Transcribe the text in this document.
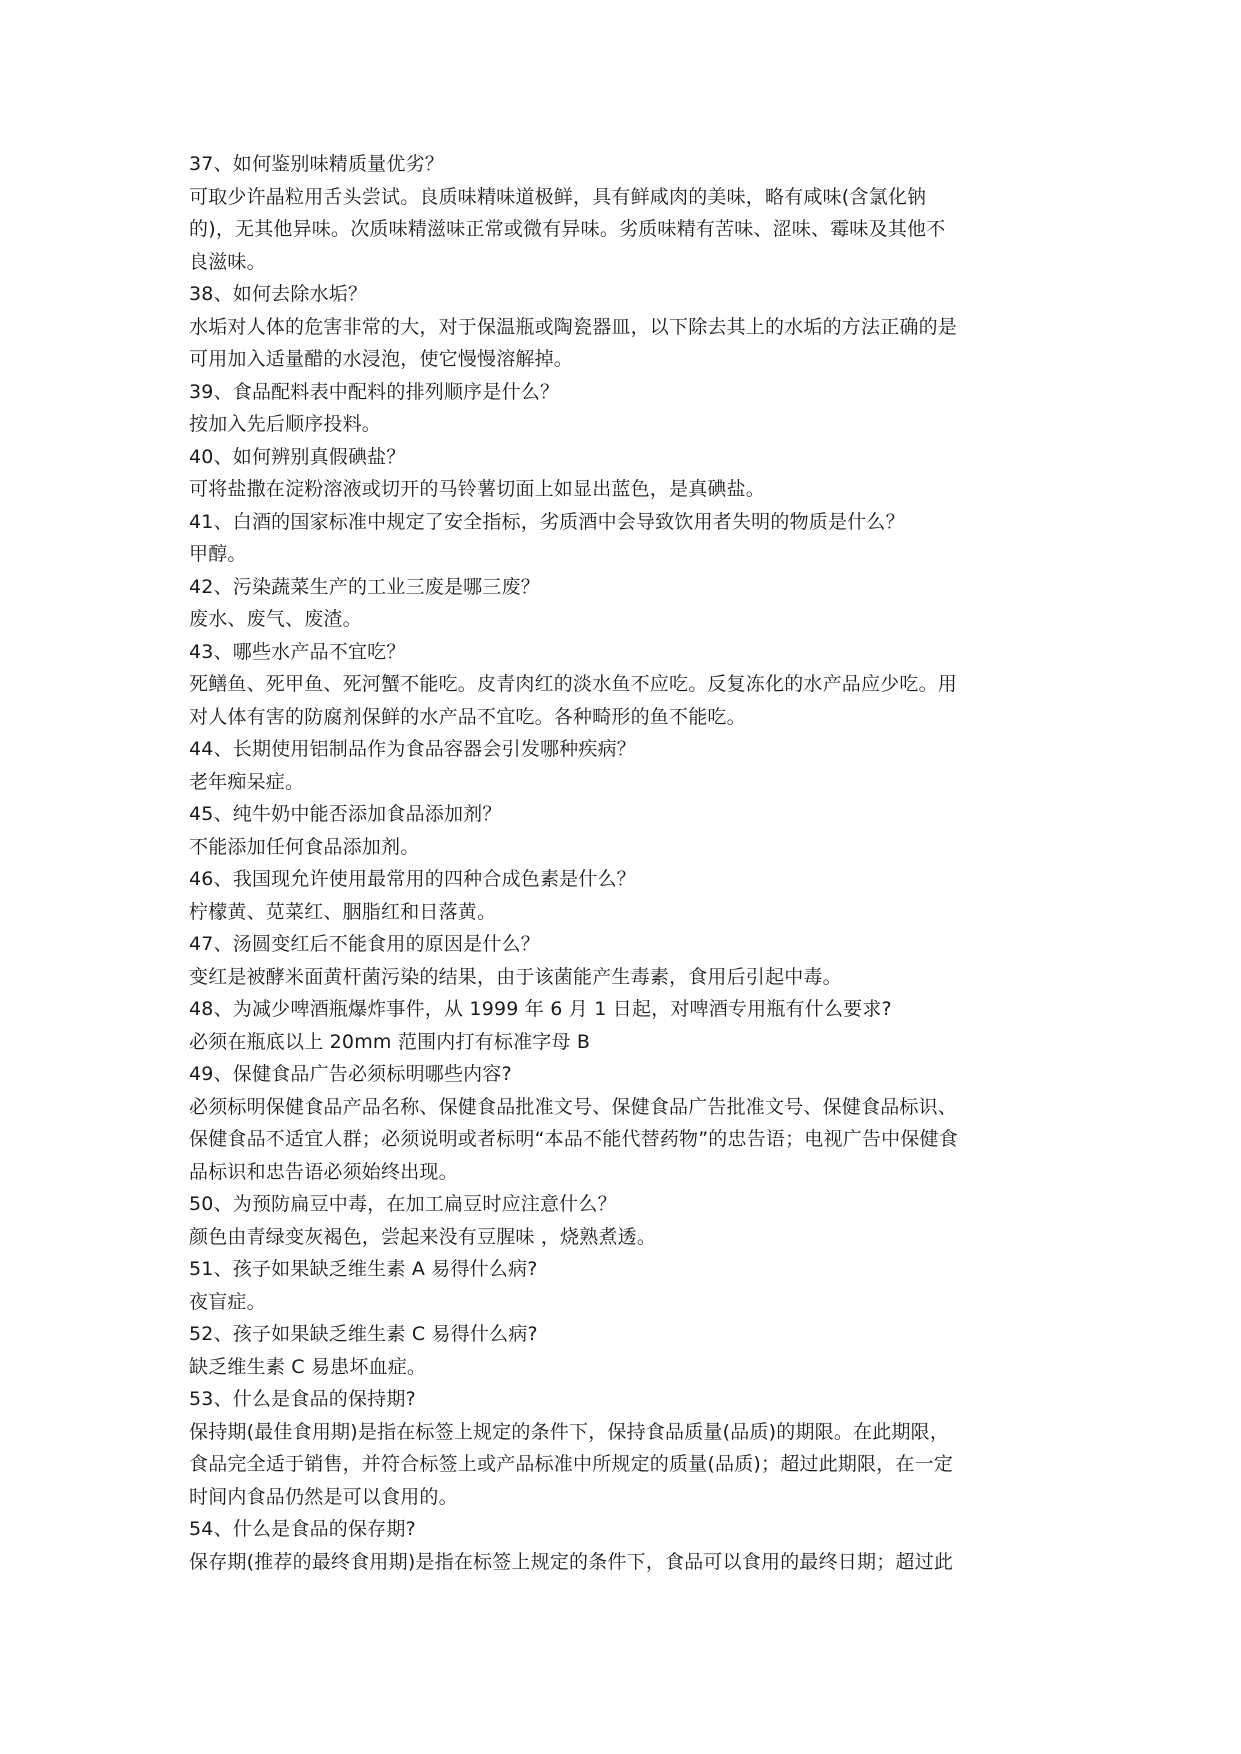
37、如何鉴别味精质量优劣？
可取少许晶粒用舌头尝试。良质味精味道极鲜，具有鲜咸肉的美味，略有咸味(含氯化钠
的)，无其他异味。次质味精滋味正常或微有异味。劣质味精有苦味、涩味、霉味及其他不
良滋味。
38、如何去除水垢？
水垢对人体的危害非常的大，对于保温瓶或陶瓷器皿，以下除去其上的水垢的方法正确的是
可用加入适量醋的水浸泡，使它慢慢溶解掉。
39、食品配料表中配料的排列顺序是什么？
按加入先后顺序投料。
40、如何辨别真假碘盐？
可将盐撒在淀粉溶液或切开的马铃薯切面上如显出蓝色，是真碘盐。
41、白酒的国家标准中规定了安全指标，劣质酒中会导致饮用者失明的物质是什么？
甲醇。
42、污染蔬菜生产的工业三废是哪三废？
废水、废气、废渣。
43、哪些水产品不宜吃？
死鳝鱼、死甲鱼、死河蟹不能吃。皮青肉红的淡水鱼不应吃。反复冻化的水产品应少吃。用
对人体有害的防腐剂保鲜的水产品不宜吃。各种畸形的鱼不能吃。
44、长期使用铝制品作为食品容器会引发哪种疾病？
老年痴呆症。
45、纯牛奶中能否添加食品添加剂？
不能添加任何食品添加剂。
46、我国现允许使用最常用的四种合成色素是什么？
柠檬黄、苋菜红、胭脂红和日落黄。
47、汤圆变红后不能食用的原因是什么？
变红是被酵米面黄杆菌污染的结果，由于该菌能产生毒素，食用后引起中毒。
48、为减少啤酒瓶爆炸事件，从 1999 年 6 月 1 日起，对啤酒专用瓶有什么要求?
必须在瓶底以上 20mm 范围内打有标准字母 B
49、保健食品广告必须标明哪些内容?
必须标明保健食品产品名称、保健食品批准文号、保健食品广告批准文号、保健食品标识、
保健食品不适宜人群；必须说明或者标明“本品不能代替药物”的忠告语；电视广告中保健食
品标识和忠告语必须始终出现。
50、为预防扁豆中毒，在加工扁豆时应注意什么？
颜色由青绿变灰褐色，尝起来没有豆腥味 ，烧熟煮透。
51、孩子如果缺乏维生素 A 易得什么病?
夜盲症。
52、孩子如果缺乏维生素 C 易得什么病?
缺乏维生素 C 易患坏血症。
53、什么是食品的保持期?
保持期(最佳食用期)是指在标签上规定的条件下，保持食品质量(品质)的期限。在此期限，
食品完全适于销售，并符合标签上或产品标准中所规定的质量(品质)；超过此期限，在一定
时间内食品仍然是可以食用的。
54、什么是食品的保存期?
保存期(推荐的最终食用期)是指在标签上规定的条件下，食品可以食用的最终日期；超过此
